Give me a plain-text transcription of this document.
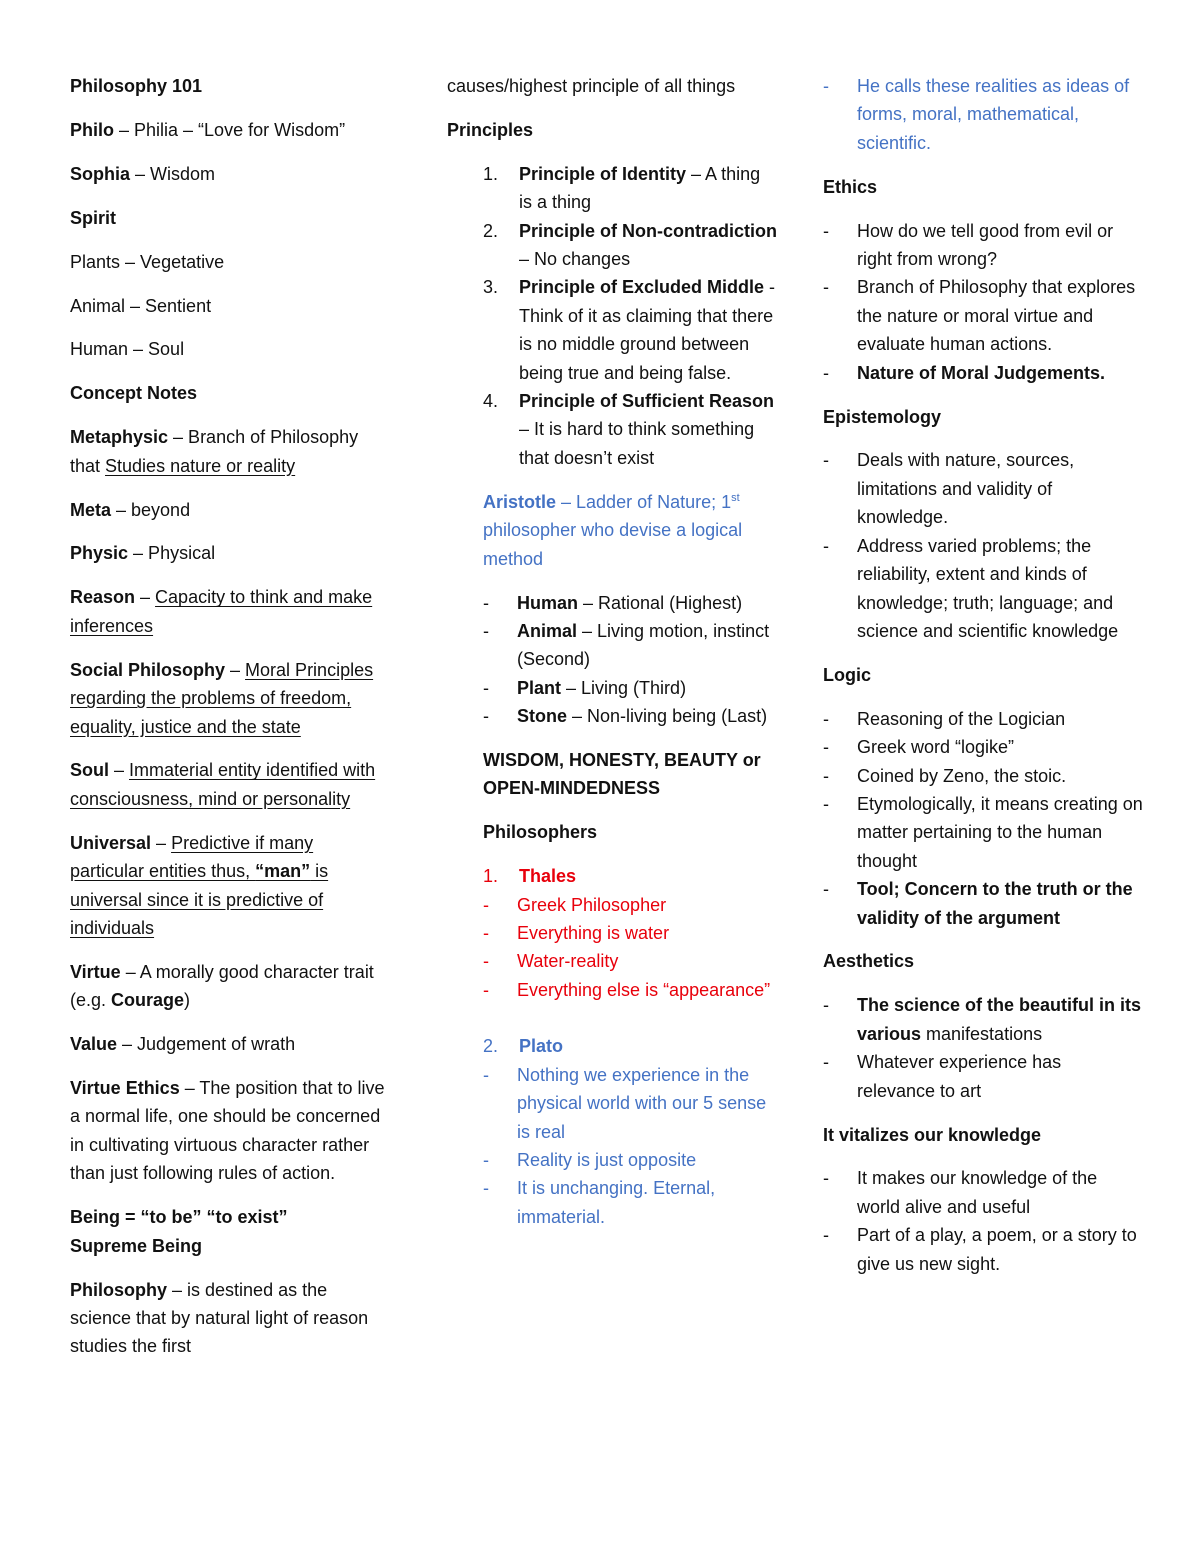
Philosophy 101

Philo – Philia – “Love for Wisdom”

Sophia – Wisdom

Spirit

Plants – Vegetative

Animal – Sentient

Human – Soul

Concept Notes

Metaphysic – Branch of Philosophy that Studies nature or reality

Meta – beyond

Physic – Physical

Reason – Capacity to think and make inferences

Social Philosophy – Moral Principles regarding the problems of freedom, equality, justice and the state

Soul – Immaterial entity identified with consciousness, mind or personality

Universal – Predictive if many particular entities thus, “man” is universal since it is predictive of individuals

Virtue – A morally good character trait (e.g. Courage)

Value – Judgement of wrath

Virtue Ethics – The position that to live a normal life, one should be concerned in cultivating virtuous character rather than just following rules of action.

Being = “to be” “to exist”
Supreme Being

Philosophy – is destined as the science that by natural light of reason studies the first

causes/highest principle of all things

Principles

1. Principle of Identity – A thing is a thing
2. Principle of Non-contradiction – No changes
3. Principle of Excluded Middle - Think of it as claiming that there is no middle ground between being true and being false.
4. Principle of Sufficient Reason – It is hard to think something that doesn’t exist

Aristotle – Ladder of Nature; 1st philosopher who devise a logical method

- Human – Rational (Highest)
- Animal – Living motion, instinct (Second)
- Plant – Living (Third)
- Stone – Non-living being (Last)

WISDOM, HONESTY, BEAUTY or OPEN-MINDEDNESS

Philosophers

1. Thales
- Greek Philosopher
- Everything is water
- Water-reality
- Everything else is “appearance”
2. Plato
- Nothing we experience in the physical world with our 5 sense is real
- Reality is just opposite
- It is unchanging. Eternal, immaterial.
- He calls these realities as ideas of forms, moral, mathematical, scientific.

Ethics

- How do we tell good from evil or right from wrong?
- Branch of Philosophy that explores the nature or moral virtue and evaluate human actions.
- Nature of Moral Judgements.

Epistemology

- Deals with nature, sources, limitations and validity of knowledge.
- Address varied problems; the reliability, extent and kinds of knowledge; truth; language; and science and scientific knowledge

Logic

- Reasoning of the Logician
- Greek word “logike”
- Coined by Zeno, the stoic.
- Etymologically, it means creating on matter pertaining to the human thought
- Tool; Concern to the truth or the validity of the argument

Aesthetics

- The science of the beautiful in its various manifestations
- Whatever experience has relevance to art

It vitalizes our knowledge

- It makes our knowledge of the world alive and useful
- Part of a play, a poem, or a story to give us new sight.
